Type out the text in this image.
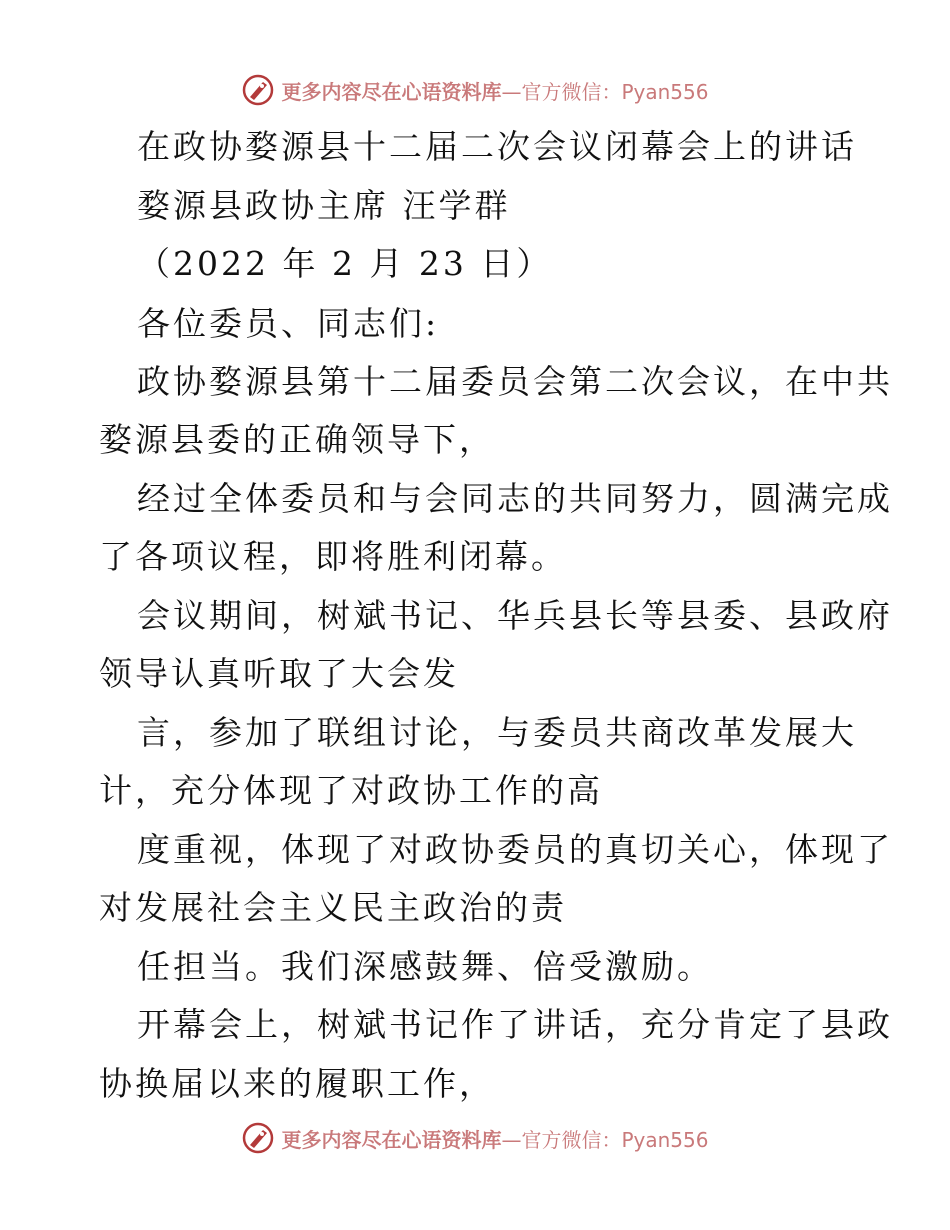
更多内容尽在心语资料库 —官方微信：Pyan556
在政协婺源县十二届二次会议闭幕会上的讲话
婺源县政协主席 汪学群
（2022 年 2 月 23 日）
各位委员、同志们:
政协婺源县第十二届委员会第二次会议，在中共
婺源县委的正确领导下，
经过全体委员和与会同志的共同努力，圆满完成
了各项议程，即将胜利闭幕。
会议期间，树斌书记、华兵县长等县委、县政府
领导认真听取了大会发
言，参加了联组讨论，与委员共商改革发展大
计，充分体现了对政协工作的高
度重视，体现了对政协委员的真切关心，体现了
对发展社会主义民主政治的责
任担当。我们深感鼓舞、倍受激励。
开幕会上，树斌书记作了讲话，充分肯定了县政
协换届以来的履职工作，
更多内容尽在心语资料库 —官方微信：Pyan556
